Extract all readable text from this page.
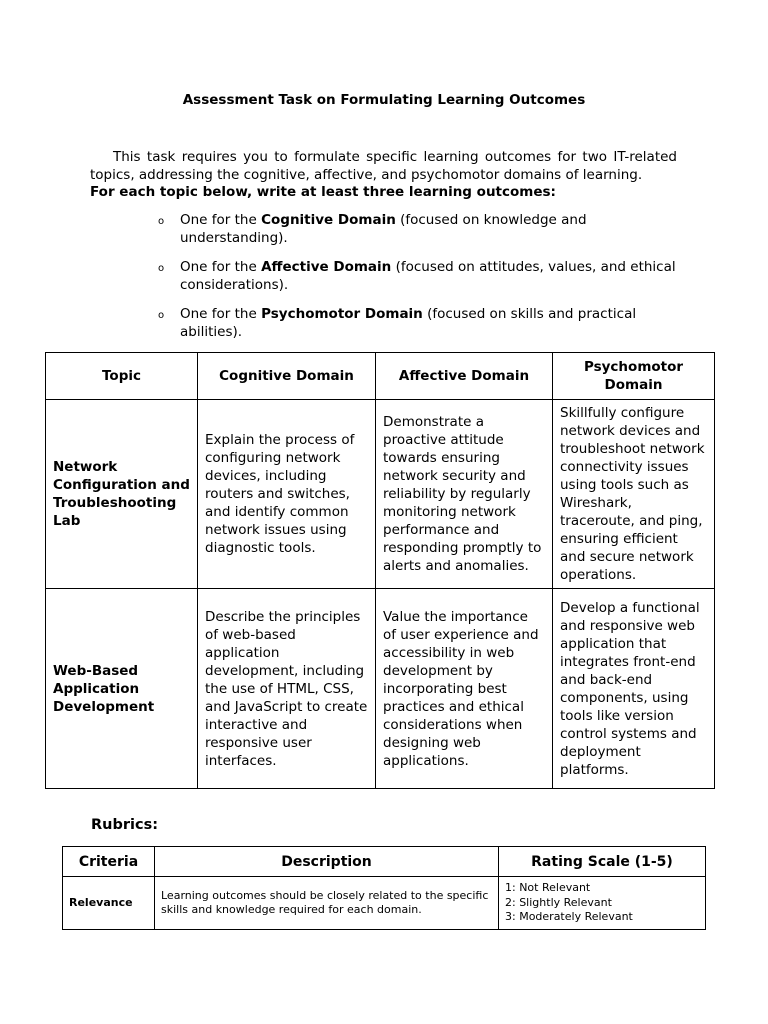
Assessment Task on Formulating Learning Outcomes
This task requires you to formulate specific learning outcomes for two IT-related topics, addressing the cognitive, affective, and psychomotor domains of learning.
For each topic below, write at least three learning outcomes:
o One for the Cognitive Domain (focused on knowledge and understanding).
o One for the Affective Domain (focused on attitudes, values, and ethical considerations).
o One for the Psychomotor Domain (focused on skills and practical abilities).
Topic	Cognitive Domain	Affective Domain	Psychomotor Domain
Network Configuration and Troubleshooting Lab	Explain the process of configuring network devices, including routers and switches, and identify common network issues using diagnostic tools.	Demonstrate a proactive attitude towards ensuring network security and reliability by regularly monitoring network performance and responding promptly to alerts and anomalies.	Skillfully configure network devices and troubleshoot network connectivity issues using tools such as Wireshark, traceroute, and ping, ensuring efficient and secure network operations.
Web-Based Application Development	Describe the principles of web-based application development, including the use of HTML, CSS, and JavaScript to create interactive and responsive user interfaces.	Value the importance of user experience and accessibility in web development by incorporating best practices and ethical considerations when designing web applications.	Develop a functional and responsive web application that integrates front-end and back-end components, using tools like version control systems and deployment platforms.
Rubrics:
Criteria	Description	Rating Scale (1-5)
Relevance	Learning outcomes should be closely related to the specific skills and knowledge required for each domain.	1: Not Relevant
2: Slightly Relevant
3: Moderately Relevant
